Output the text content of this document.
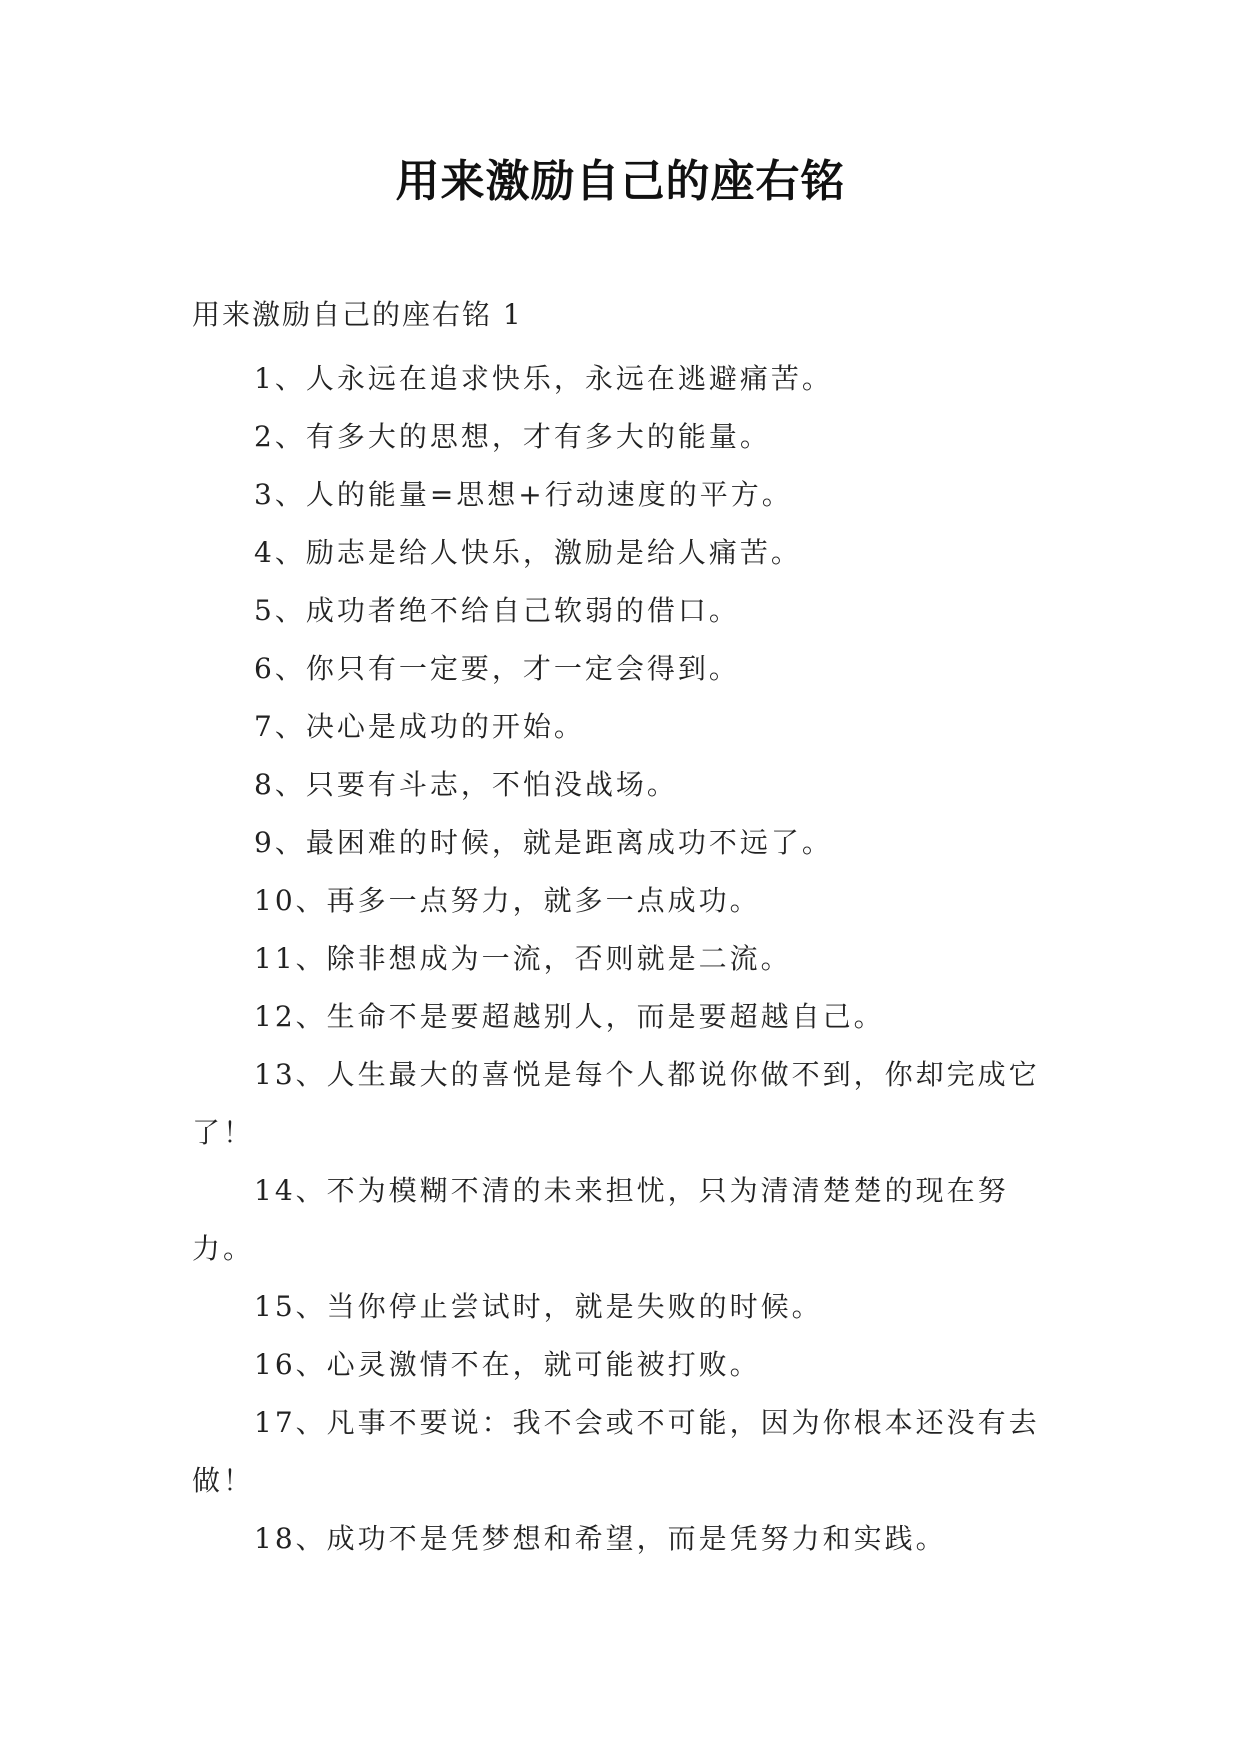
用来激励自己的座右铭
用来激励自己的座右铭 1

1、人永远在追求快乐，永远在逃避痛苦。

2、有多大的思想，才有多大的能量。

3、人的能量=思想+行动速度的平方。

4、励志是给人快乐，激励是给人痛苦。

5、成功者绝不给自己软弱的借口。

6、你只有一定要，才一定会得到。

7、决心是成功的开始。

8、只要有斗志，不怕没战场。

9、最困难的时候，就是距离成功不远了。

10、再多一点努力，就多一点成功。

11、除非想成为一流，否则就是二流。

12、生命不是要超越别人，而是要超越自己。

13、人生最大的喜悦是每个人都说你做不到，你却完成它了！

14、不为模糊不清的未来担忧，只为清清楚楚的现在努力。

15、当你停止尝试时，就是失败的时候。

16、心灵激情不在，就可能被打败。

17、凡事不要说：我不会或不可能，因为你根本还没有去做！

18、成功不是凭梦想和希望，而是凭努力和实践。
